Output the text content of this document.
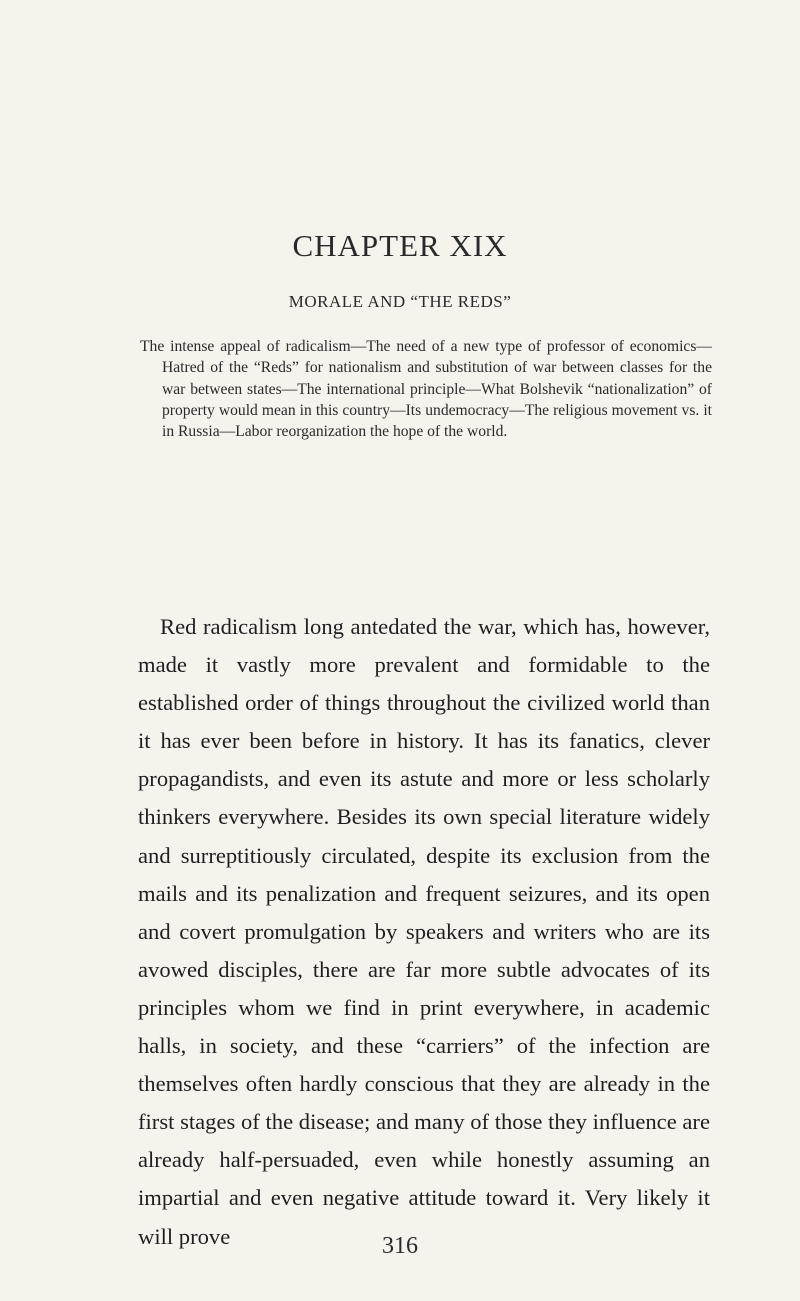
CHAPTER XIX
MORALE AND “THE REDS”

The intense appeal of radicalism—The need of a new type of professor of economics—Hatred of the “Reds” for nationalism and substitution of war between classes for the war between states—The international principle—What Bolshevik “nationalization” of property would mean in this country—Its undemocracy—The religious movement vs. it in Russia—Labor reorganization the hope of the world.

Red radicalism long antedated the war, which has, however, made it vastly more prevalent and formidable to the established order of things throughout the civilized world than it has ever been before in history. It has its fanatics, clever propagandists, and even its astute and more or less scholarly thinkers everywhere. Besides its own special literature widely and surreptitiously circulated, despite its exclusion from the mails and its penalization and frequent seizures, and its open and covert promulgation by speakers and writers who are its avowed disciples, there are far more subtle advocates of its principles whom we find in print everywhere, in academic halls, in society, and these “carriers” of the infection are themselves often hardly conscious that they are already in the first stages of the disease; and many of those they influence are already half-persuaded, even while honestly assuming an impartial and even negative attitude toward it. Very likely it will prove	316
